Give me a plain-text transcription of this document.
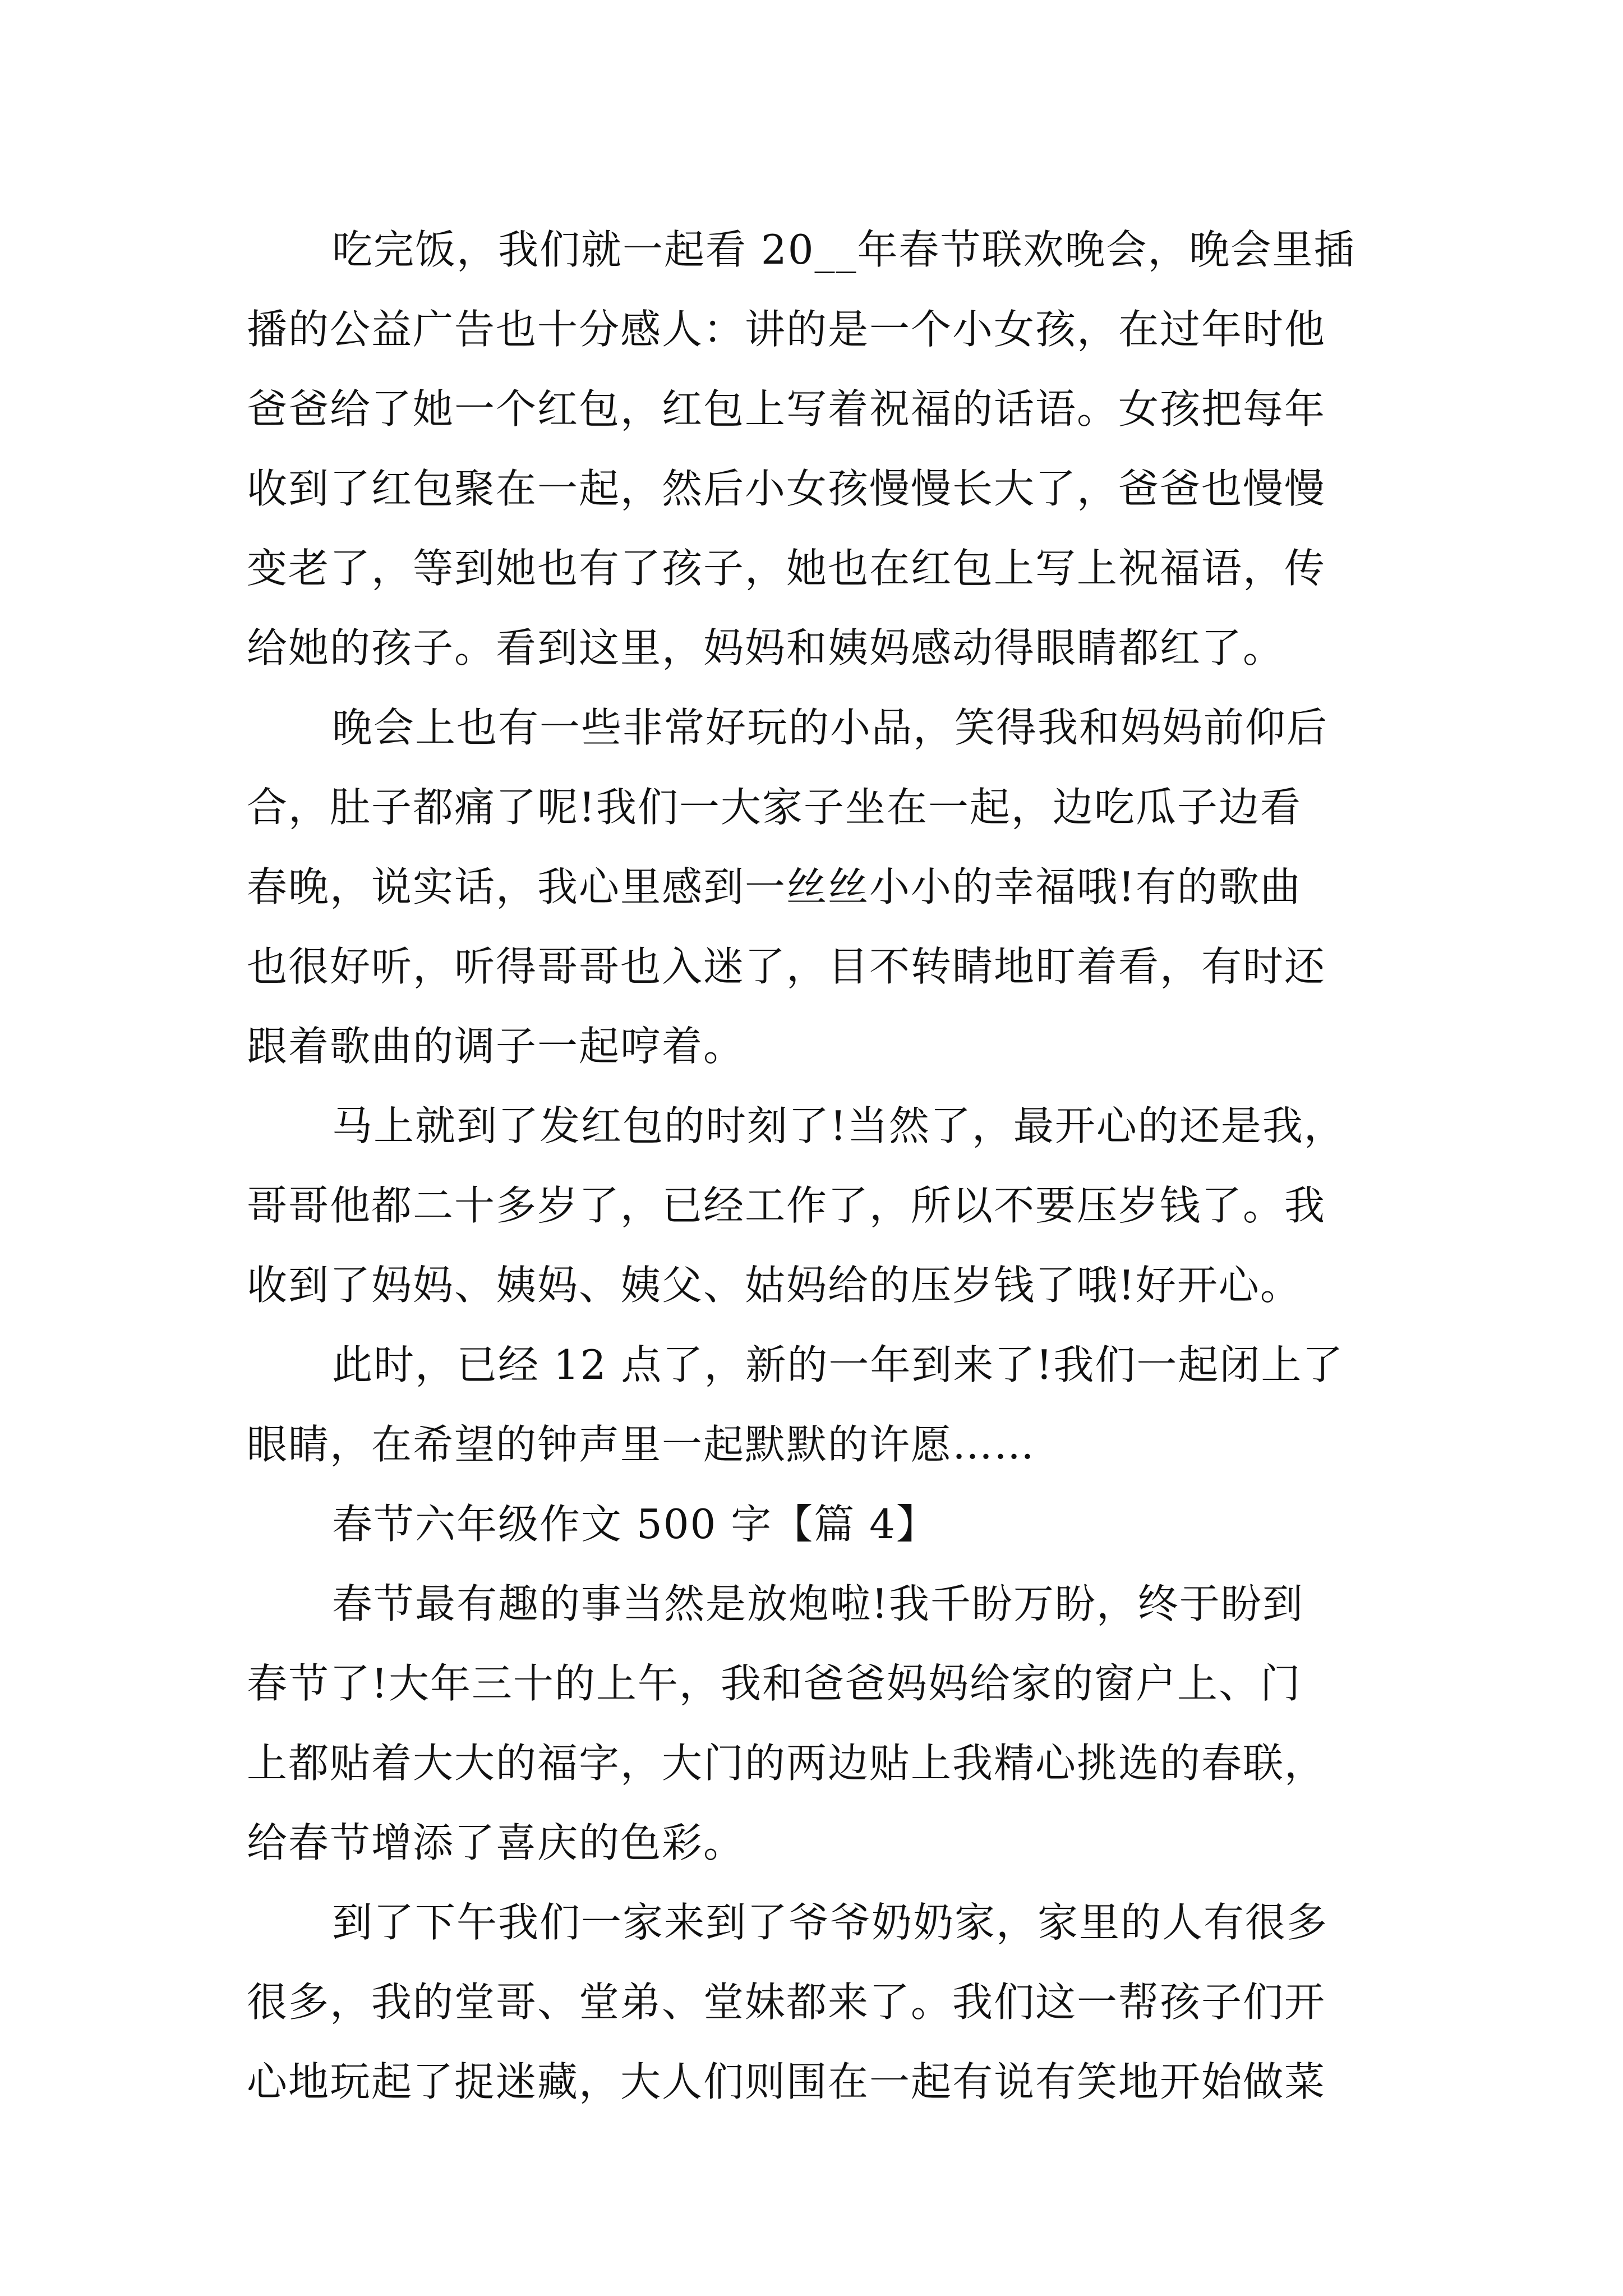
吃完饭，我们就一起看 20__年春节联欢晚会，晚会里插
播的公益广告也十分感人：讲的是一个小女孩，在过年时他
爸爸给了她一个红包，红包上写着祝福的话语。女孩把每年
收到了红包聚在一起，然后小女孩慢慢长大了，爸爸也慢慢
变老了，等到她也有了孩子，她也在红包上写上祝福语，传
给她的孩子。看到这里，妈妈和姨妈感动得眼睛都红了。
晚会上也有一些非常好玩的小品，笑得我和妈妈前仰后
合，肚子都痛了呢!我们一大家子坐在一起，边吃瓜子边看
春晚，说实话，我心里感到一丝丝小小的幸福哦!有的歌曲
也很好听，听得哥哥也入迷了，目不转睛地盯着看，有时还
跟着歌曲的调子一起哼着。
马上就到了发红包的时刻了!当然了，最开心的还是我，
哥哥他都二十多岁了，已经工作了，所以不要压岁钱了。我
收到了妈妈、姨妈、姨父、姑妈给的压岁钱了哦!好开心。
此时，已经 12 点了，新的一年到来了!我们一起闭上了
眼睛，在希望的钟声里一起默默的许愿……
春节六年级作文 500 字【篇 4】
春节最有趣的事当然是放炮啦!我千盼万盼，终于盼到
春节了!大年三十的上午，我和爸爸妈妈给家的窗户上、门
上都贴着大大的福字，大门的两边贴上我精心挑选的春联，
给春节增添了喜庆的色彩。
到了下午我们一家来到了爷爷奶奶家，家里的人有很多
很多，我的堂哥、堂弟、堂妹都来了。我们这一帮孩子们开
心地玩起了捉迷藏，大人们则围在一起有说有笑地开始做菜
